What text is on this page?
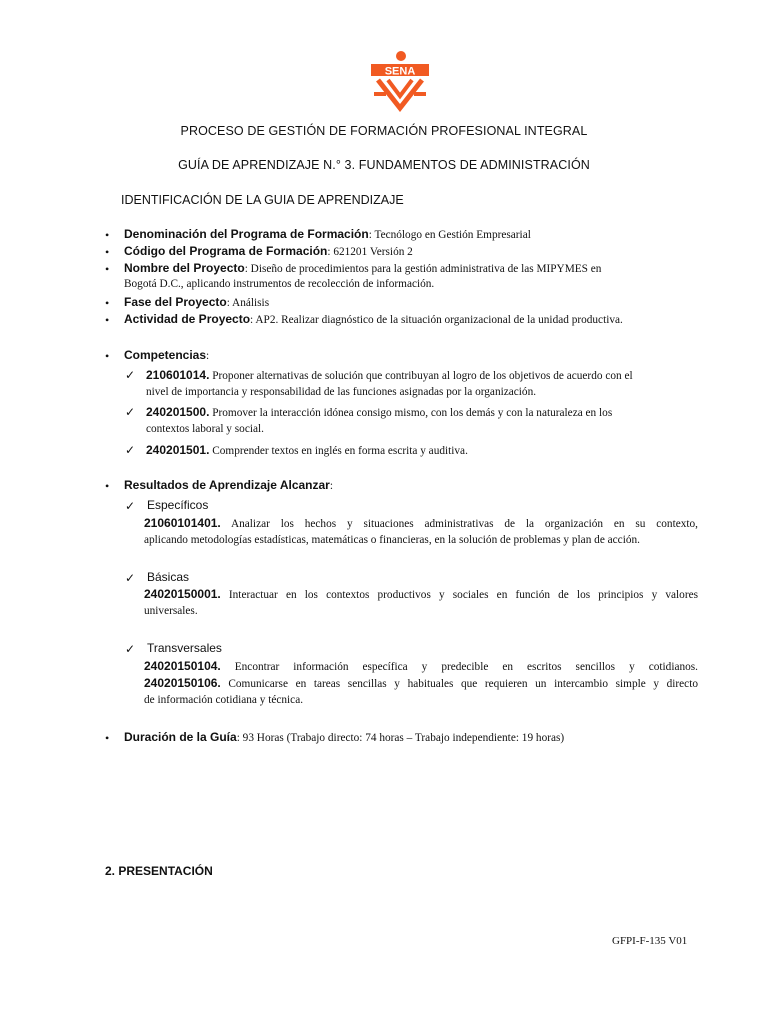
SENA
PROCESO DE GESTIÓN DE FORMACIÓN PROFESIONAL INTEGRAL
GUÍA DE APRENDIZAJE N.° 3. FUNDAMENTOS DE ADMINISTRACIÓN
IDENTIFICACIÓN DE LA GUIA DE APRENDIZAJE
• Denominación del Programa de Formación: Tecnólogo en Gestión Empresarial
• Código del Programa de Formación: 621201 Versión 2
• Nombre del Proyecto: Diseño de procedimientos para la gestión administrativa de las MIPYMES en
Bogotá D.C., aplicando instrumentos de recolección de información.
• Fase del Proyecto: Análisis
• Actividad de Proyecto: AP2. Realizar diagnóstico de la situación organizacional de la unidad productiva.
• Competencias:
✓ 210601014. Proponer alternativas de solución que contribuyan al logro de los objetivos de acuerdo con el
nivel de importancia y responsabilidad de las funciones asignadas por la organización.
✓ 240201500. Promover la interacción idónea consigo mismo, con los demás y con la naturaleza en los
contextos laboral y social.
✓ 240201501. Comprender textos en inglés en forma escrita y auditiva.
• Resultados de Aprendizaje Alcanzar:
✓ Específicos
21060101401. Analizar los hechos y situaciones administrativas de la organización en su contexto,
aplicando metodologías estadísticas, matemáticas o financieras, en la solución de problemas y plan de acción.
✓ Básicas
24020150001. Interactuar en los contextos productivos y sociales en función de los principios y valores
universales.
✓ Transversales
24020150104. Encontrar información específica y predecible en escritos sencillos y cotidianos.
24020150106. Comunicarse en tareas sencillas y habituales que requieren un intercambio simple y directo
de información cotidiana y técnica.
• Duración de la Guía: 93 Horas (Trabajo directo: 74 horas – Trabajo independiente: 19 horas)
2. PRESENTACIÓN
GFPI-F-135 V01
